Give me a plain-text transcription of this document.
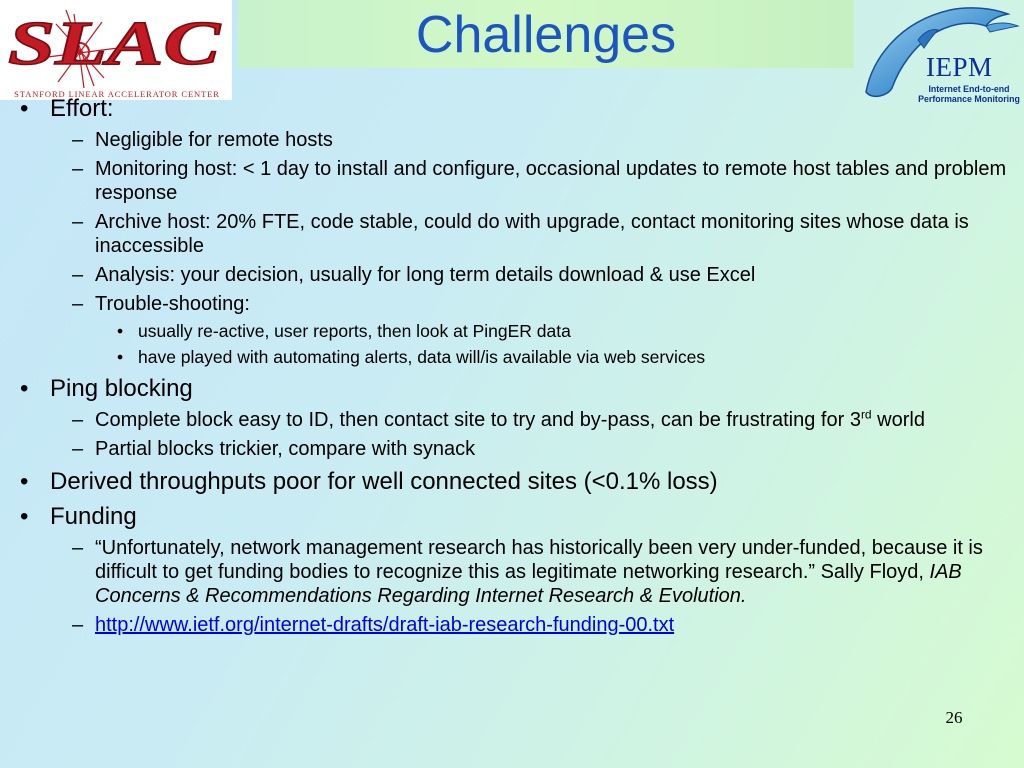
SLAC
STANFORD LINEAR ACCELERATOR CENTER
Challenges
IEPM
Internet End-to-end
Performance Monitoring
• Effort:
– Negligible for remote hosts
– Monitoring host: < 1 day to install and configure, occasional updates to remote host tables and problem response
– Archive host: 20% FTE, code stable, could do with upgrade, contact monitoring sites whose data is inaccessible
– Analysis: your decision, usually for long term details download & use Excel
– Trouble-shooting:
• usually re-active, user reports, then look at PingER data
• have played with automating alerts, data will/is available via web services
• Ping blocking
– Complete block easy to ID, then contact site to try and by-pass, can be frustrating for 3rd world
– Partial blocks trickier, compare with synack
• Derived throughputs poor for well connected sites (<0.1% loss)
• Funding
– “Unfortunately, network management research has historically been very under-funded, because it is difficult to get funding bodies to recognize this as legitimate networking research.” Sally Floyd, IAB Concerns & Recommendations Regarding Internet Research & Evolution.
– http://www.ietf.org/internet-drafts/draft-iab-research-funding-00.txt
26
